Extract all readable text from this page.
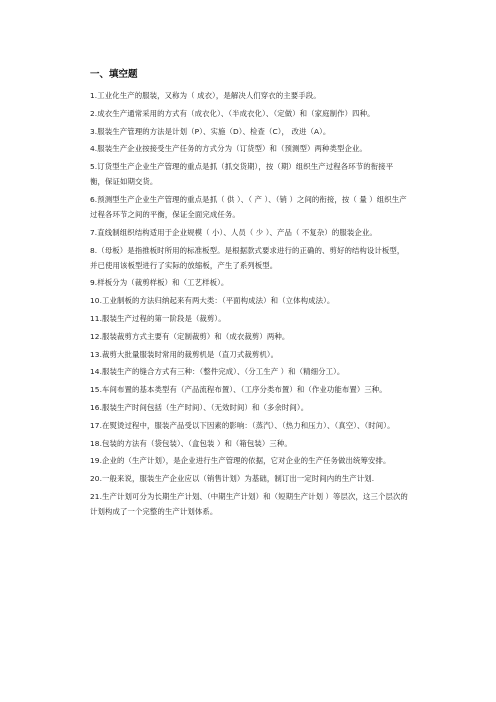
一、填空题

1.工业化生产的服装，又称为（ 成衣），是解决人们穿衣的主要手段。

2.成衣生产通常采用的方式有（成衣化）、（半成衣化）、（定做）和（家庭制作）四种。

3.服装生产管理的方法是计划（P）、实施（D）、检查（C）， 改进（A）。

4.服装生产企业按接受生产任务的方式分为（订货型）和（预测型）两种类型企业。

5.订货型生产企业生产管理的重点是抓（抓交货期），按（期）组织生产过程各环节的衔接平衡，保证如期交货。

6.预测型生产企业生产管理的重点是抓（ 供 ）、（ 产 ）、（销 ）之间的衔接，按（ 量 ）组织生产过程各环节之间的平衡，保证全面完成任务。

7.直线制组织结构适用于企业规模（ 小）、人员（ 少 ）、产品（ 不复杂）的服装企业。

8.（母板）是指推板时所用的标准板型。是根据款式要求进行的正确的、剪好的结构设计板型，并已使用该板型进行了实际的放缩板，产生了系列板型。

9.样板分为（裁剪样板）和（工艺样板）。

10.工业制板的方法归纳起来有两大类：（平面构成法）和（立体构成法）。

11.服装生产过程的第一阶段是（裁剪）。

12.服装裁剪方式主要有（定制裁剪）和（成衣裁剪）两种。

13.裁剪大批量服装时常用的裁剪机是（直刀式裁剪机）。

14.服装生产的缝合方式有三种：（整件完成）、（分工生产 ）和（精细分工）。

15.车间布置的基本类型有（产品流程布置）、（工序分类布置）和（作业功能布置）三种。

16.服装生产时间包括（生产时间）、（无效时间）和（多余时间）。

17.在熨烫过程中，服装产品受以下因素的影响：（蒸汽）、（热力和压力）、（真空）、（时间）。

18.包装的方法有（袋包装）、（盒包装 ）和（箱包装）三种。

19.企业的（生产计划），是企业进行生产管理的依据，它对企业的生产任务做出统筹安排。

20.一般来说，服装生产企业应以（销售计划）为基础，制订出一定时间内的生产计划.

21.生产计划可分为长期生产计划、（中期生产计划）和（短期生产计划 ）等层次，这三个层次的计划构成了一个完整的生产计划体系。
